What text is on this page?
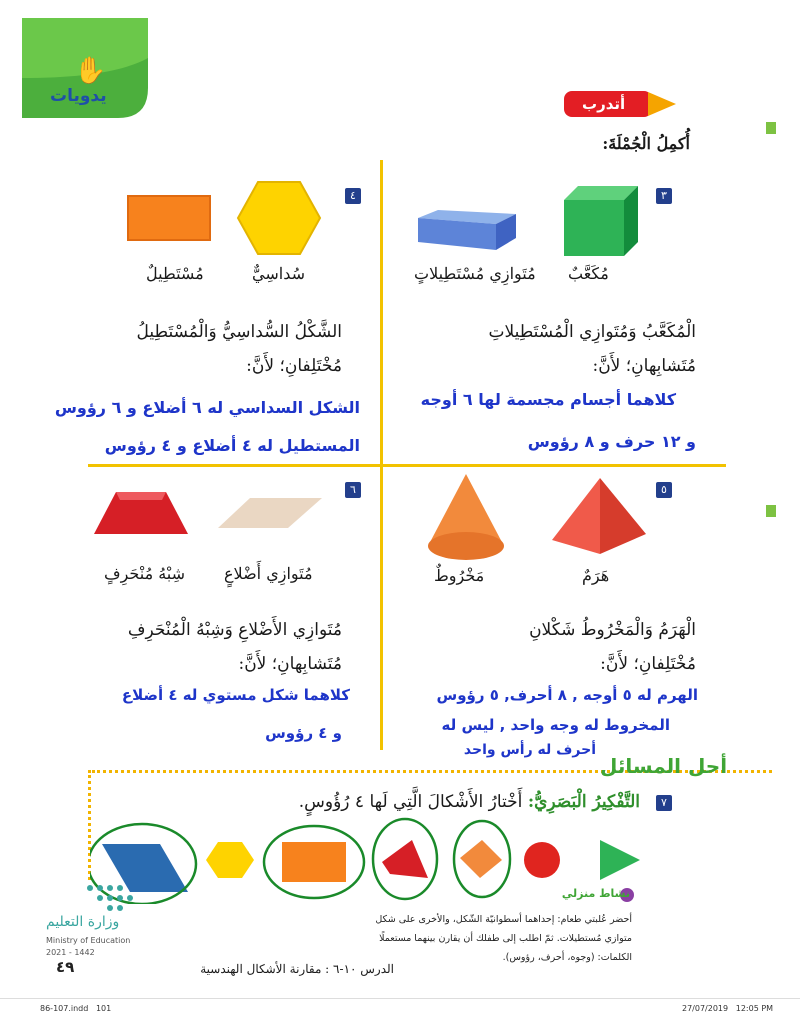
✋
يدويات	أتدرب
أُكمِلُ الْجُمْلَةَ:
٣
مُكَعَّبٌ
مُتَوازِي مُسْتَطِيلاتٍ
الْمُكَعَّبُ وَمُتَوازِي الْمُسْتَطِيلاتِ
مُتَشابِهانِ؛ لأَنَّ:
كلاهما أجسام مجسمة لها ٦ أوجه
و ١٢ حرف و ٨ رؤوس
٤
سُداسِيٌّ
مُسْتَطِيلٌ
الشَّكْلُ السُّداسِيُّ وَالْمُسْتَطِيلُ
مُخْتَلِفانِ؛ لأَنَّ:
الشكل السداسي له ٦ أضلاع و ٦ رؤوس
المستطيل له ٤ أضلاع و ٤ رؤوس
٥
هَرَمٌ
مَخْرُوطٌ
الْهَرَمُ وَالْمَخْرُوطُ شَكْلانِ
مُخْتَلِفانِ؛ لأَنَّ:
الهرم له ٥ أوجه , ٨ أحرف, ٥ رؤوس
المخروط له وجه واحد , ليس له
أحرف له رأس واحد
٦
مُتَوازِي أَضْلاعٍ
شِبْهُ مُنْحَرِفٍ
مُتَوازِي الأَضْلاعِ وَشِبْهُ الْمُنْحَرِفِ
مُتَشابِهانِ؛ لأَنَّ:
كلاهما شكل مستوي له ٤ أضلاع
و ٤ رؤوس
أحل المسائل
٧
التَّفْكِيرُ الْبَصَرِيُّ: أَخْتارُ الأَشْكالَ الَّتِي لَها ٤ رُؤُوسٍ.
نشاط منزلي
أحضر عُلبتي طعام: إحداهما أسطوانيّة الشّكل، والأخرى على شكل متوازي مُستطيلات. ثمّ اطلب إلى طفلك أن يقارن بينهما مستعملًا الكلمات: (وجوه، أحرف، رؤوس).
وزارة التعليم
Ministry of Education
2021 - 1442
الدرس ١٠-٦ : مقارنة الأشكال الهندسية
٤٩
86-107.indd   101	27/07/2019   12:05 PM
